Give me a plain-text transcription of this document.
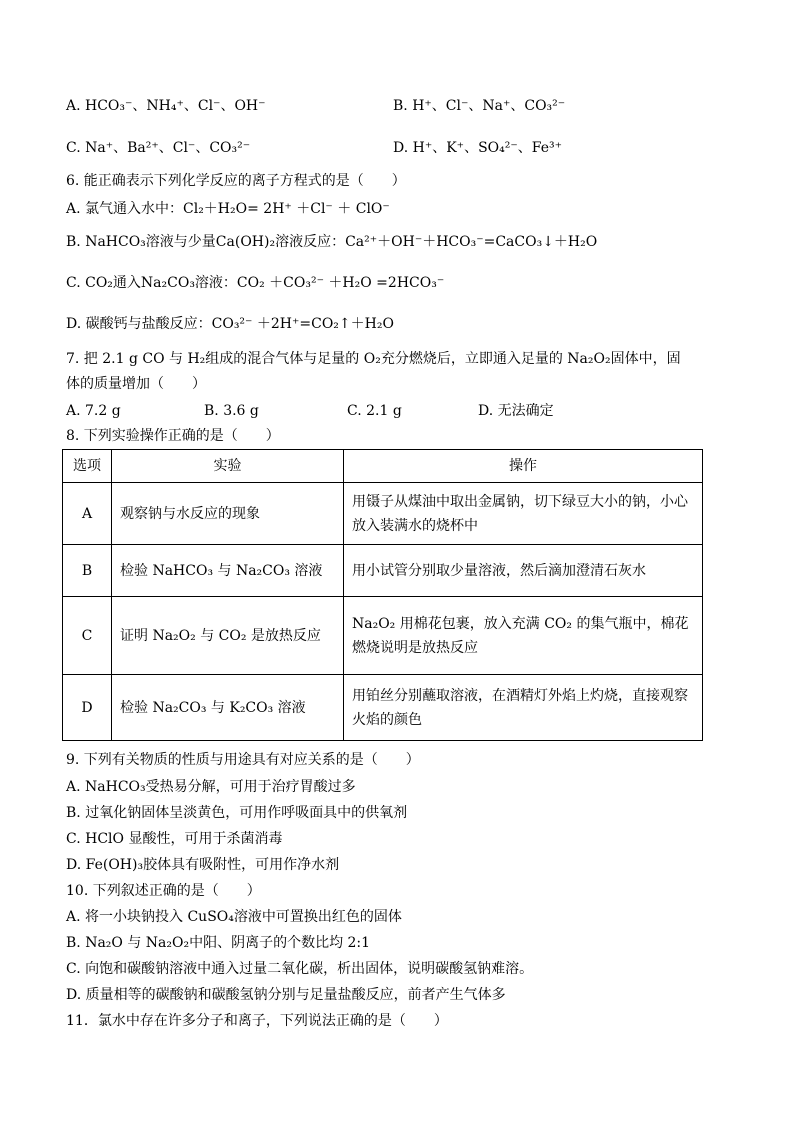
A. HCO₃⁻、NH₄⁺、Cl⁻、OH⁻	B. H⁺、Cl⁻、Na⁺、CO₃²⁻
C. Na⁺、Ba²⁺、Cl⁻、CO₃²⁻	D. H⁺、K⁺、SO₄²⁻、Fe³⁺
6. 能正确表示下列化学反应的离子方程式的是（　　）
A. 氯气通入水中：Cl₂＋H₂O= 2H⁺ ＋Cl⁻ ＋ ClO⁻
B. NaHCO₃溶液与少量Ca(OH)₂溶液反应：Ca²⁺＋OH⁻＋HCO₃⁻=CaCO₃↓＋H₂O
C. CO₂通入Na₂CO₃溶液：CO₂ ＋CO₃²⁻ ＋H₂O =2HCO₃⁻
D. 碳酸钙与盐酸反应：CO₃²⁻ ＋2H⁺=CO₂↑＋H₂O
7. 把 2.1 g CO 与 H₂组成的混合气体与足量的 O₂充分燃烧后，立即通入足量的 Na₂O₂固体中，固
体的质量增加（　　）
A. 7.2 g	B. 3.6 g	C. 2.1 g	D. 无法确定
8. 下列实验操作正确的是（　　）
选项	实验	操作
A	观察钠与水反应的现象	用镊子从煤油中取出金属钠，切下绿豆大小的钠，小心放入装满水的烧杯中
B	检验 NaHCO₃ 与 Na₂CO₃ 溶液	用小试管分别取少量溶液，然后滴加澄清石灰水
C	证明 Na₂O₂ 与 CO₂ 是放热反应	Na₂O₂ 用棉花包裹，放入充满 CO₂ 的集气瓶中，棉花燃烧说明是放热反应
D	检验 Na₂CO₃ 与 K₂CO₃ 溶液	用铂丝分别蘸取溶液，在酒精灯外焰上灼烧，直接观察火焰的颜色
9. 下列有关物质的性质与用途具有对应关系的是（　　）
A. NaHCO₃受热易分解，可用于治疗胃酸过多
B. 过氧化钠固体呈淡黄色，可用作呼吸面具中的供氧剂
C. HClO 显酸性，可用于杀菌消毒
D. Fe(OH)₃胶体具有吸附性，可用作净水剂
10. 下列叙述正确的是（　　）
A. 将一小块钠投入 CuSO₄溶液中可置换出红色的固体
B. Na₂O 与 Na₂O₂中阳、阴离子的个数比均 2:1
C. 向饱和碳酸钠溶液中通入过量二氧化碳，析出固体，说明碳酸氢钠难溶。
D. 质量相等的碳酸钠和碳酸氢钠分别与足量盐酸反应，前者产生气体多
11．氯水中存在许多分子和离子，下列说法正确的是（　　）
